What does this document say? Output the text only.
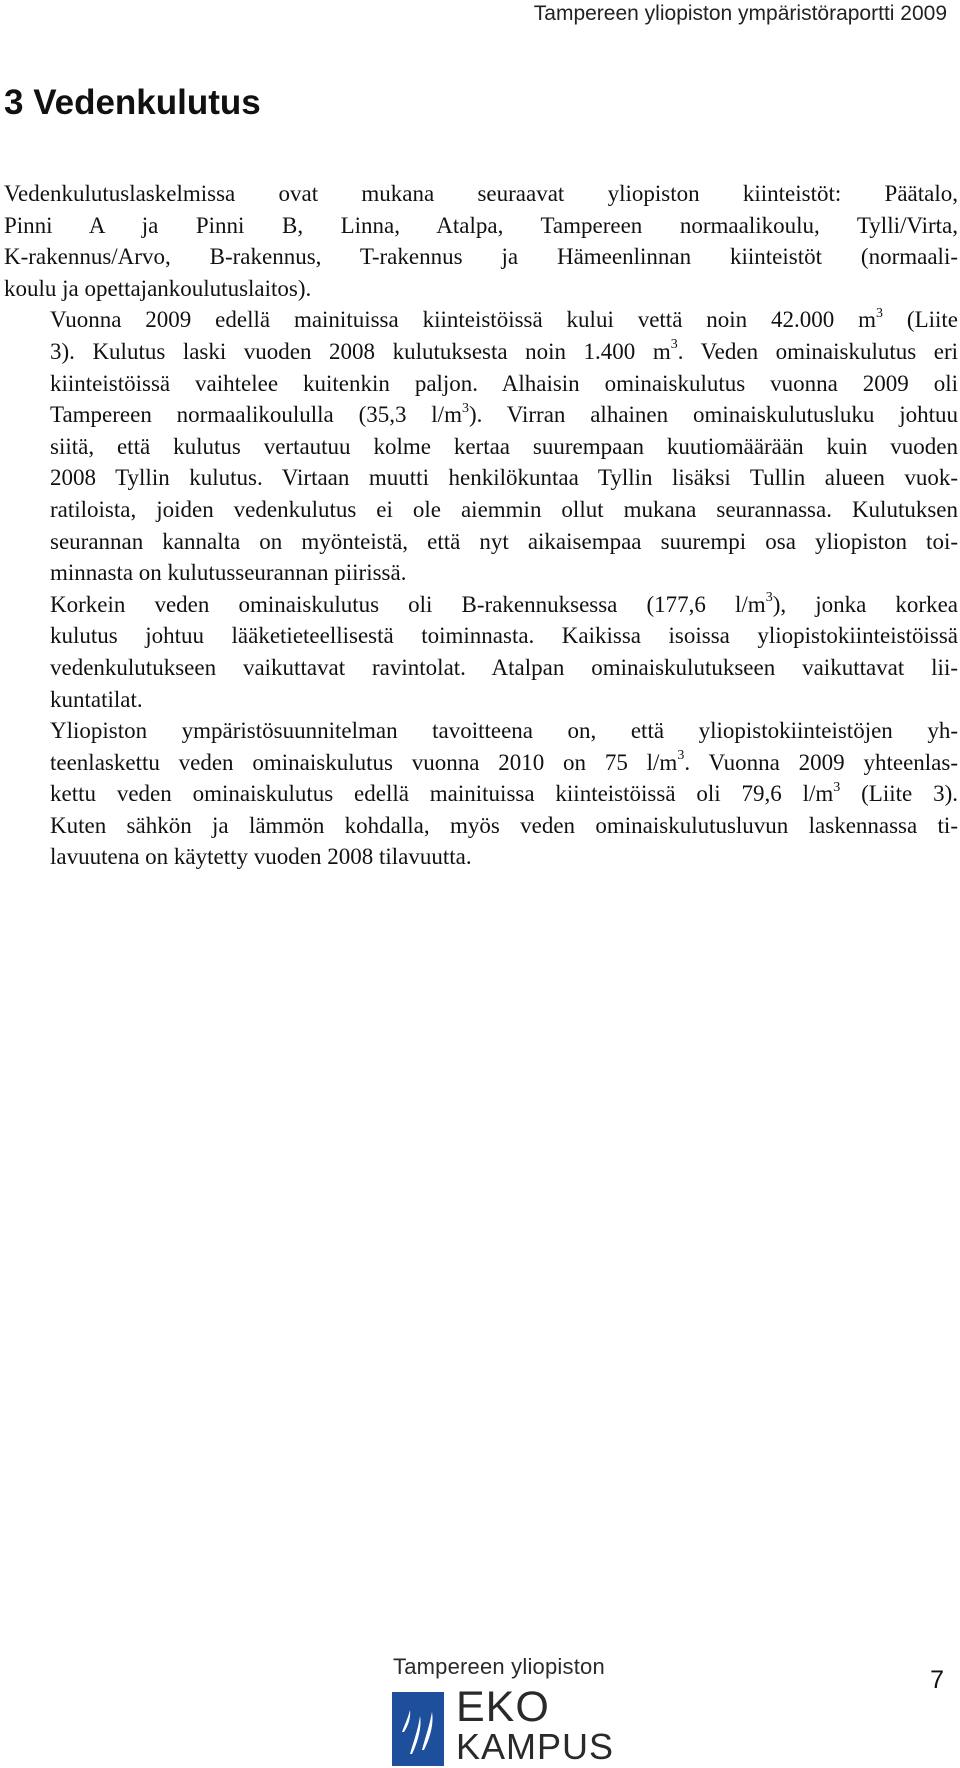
Tampereen yliopiston ympäristöraportti 2009
3 Vedenkulutus

Vedenkulutuslaskelmissa ovat mukana seuraavat yliopiston kiinteistöt: Päätalo,
Pinni A ja Pinni B, Linna, Atalpa, Tampereen normaalikoulu, Tylli/Virta,
K-rakennus/Arvo, B-rakennus, T-rakennus ja Hämeenlinnan kiinteistöt (normaali-
koulu ja opettajankoulutuslaitos).

Vuonna 2009 edellä mainituissa kiinteistöissä kului vettä noin 42.000 $m^3$ (Liite
3). Kulutus laski vuoden 2008 kulutuksesta noin 1.400 $m^3$. Veden ominaiskulutus eri
kiinteistöissä vaihtelee kuitenkin paljon. Alhaisin ominaiskulutus vuonna 2009 oli
Tampereen normaalikoululla (35,3 $l/m^3$). Virran alhainen ominaiskulutusluku johtuu
siitä, että kulutus vertautuu kolme kertaa suurempaan kuutiomäärään kuin vuoden
2008 Tyllin kulutus. Virtaan muutti henkilökuntaa Tyllin lisäksi Tullin alueen vuok-
ratiloista, joiden vedenkulutus ei ole aiemmin ollut mukana seurannassa. Kulutuksen
seurannan kannalta on myönteistä, että nyt aikaisempaa suurempi osa yliopiston toi-
minnasta on kulutusseurannan piirissä.

Korkein veden ominaiskulutus oli B-rakennuksessa (177,6 $l/m^3$), jonka korkea
kulutus johtuu lääketieteellisestä toiminnasta. Kaikissa isoissa yliopistokiinteistöissä
vedenkulutukseen vaikuttavat ravintolat. Atalpan ominaiskulutukseen vaikuttavat lii-
kuntatilat.

Yliopiston ympäristösuunnitelman tavoitteena on, että yliopistokiinteistöjen yh-
teenlaskettu veden ominaiskulutus vuonna 2010 on 75 $l/m^3$. Vuonna 2009 yhteenlas-
kettu veden ominaiskulutus edellä mainituissa kiinteistöissä oli 79,6 $l/m^3$ (Liite 3).
Kuten sähkön ja lämmön kohdalla, myös veden ominaiskulutusluvun laskennassa ti-
lavuutena on käytetty vuoden 2008 tilavuutta.

Tampereen yliopiston
EKO
KAMPUS
7
